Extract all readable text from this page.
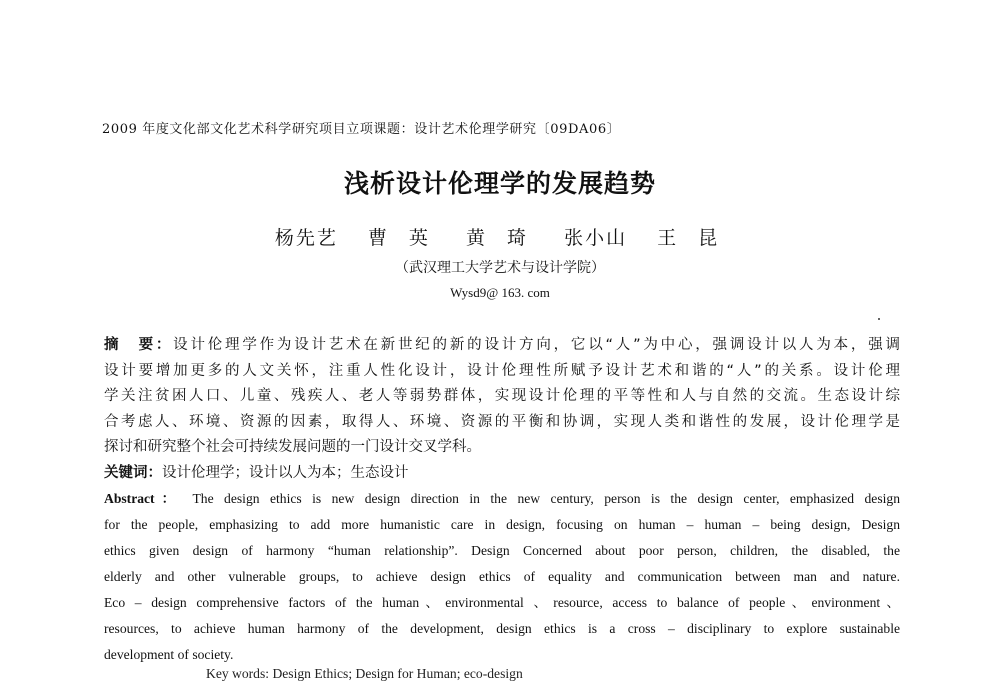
2009 年度文化部文化艺术科学研究项目立项课题：设计艺术伦理学研究〔09DA06〕
浅析设计伦理学的发展趋势
杨先艺 曹 英 黄 琦 张小山 王 昆
（武汉理工大学艺术与设计学院）
Wysd9@ 163. com
摘　要：设计伦理学作为设计艺术在新世纪的新的设计方向，它以“人”为中心，强调设计以人为本，强调
设计要增加更多的人文关怀，注重人性化设计，设计伦理性所赋予设计艺术和谐的“人”的关系。设计伦理
学关注贫困人口、儿童、残疾人、老人等弱势群体，实现设计伦理的平等性和人与自然的交流。生态设计综
合考虑人、环境、资源的因素，取得人、环境、资源的平衡和协调，实现人类和谐性的发展，设计伦理学是
探讨和研究整个社会可持续发展问题的一门设计交叉学科。
关键词：设计伦理学；设计以人为本；生态设计
Abstract： The design ethics is new design direction in the new century, person is the design center, emphasized design
for the people, emphasizing to add more humanistic care in design, focusing on human – human – being design, Design
ethics given design of harmony “human relationship”. Design Concerned about poor person, children, the disabled, the
elderly and other vulnerable groups, to achieve design ethics of equality and communication between man and nature.
Eco – design comprehensive factors of the human、environmental 、resource, access to balance of people、environment、
resources, to achieve human harmony of the development, design ethics is a cross – disciplinary to explore sustainable
development of society.
Key words: Design Ethics; Design for Human; eco-design
